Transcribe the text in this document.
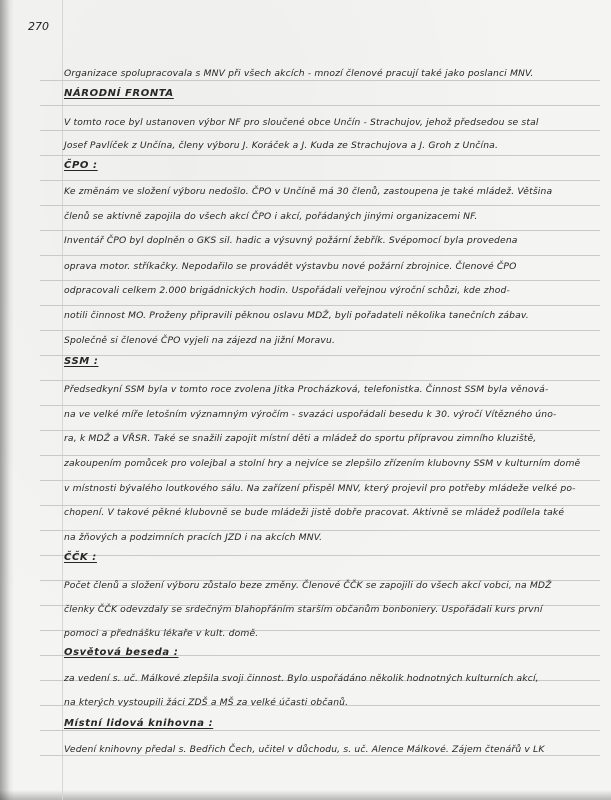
270
Organizace spolupracovala s MNV při všech akcích - mnozí členové pracují také jako poslanci MNV.
NÁRODNÍ FRONTA
V tomto roce byl ustanoven výbor NF pro sloučené obce Unčín - Strachujov, jehož předsedou se stal
Josef Pavlíček z Unčína, členy výboru J. Koráček a J. Kuda ze Strachujova a J. Groh z Unčína.
ČPO :
Ke změnám ve složení výboru nedošlo. ČPO v Unčíně má 30 členů, zastoupena je také mládež. Většina
členů se aktivně zapojila do všech akcí ČPO i akcí, pořádaných jinými organizacemi NF.
Inventář ČPO byl doplněn o GKS sil. hadic a výsuvný požární žebřík. Svépomocí byla provedena
oprava motor. stříkačky. Nepodařilo se provádět výstavbu nové požární zbrojnice. Členové ČPO
odpracovali celkem 2.000 brigádnických hodin. Uspořádali veřejnou výroční schůzi, kde zhod-
notili činnost MO. Proženy připravili pěknou oslavu MDŽ, byli pořadateli několika tanečních zábav.
Společně si členové ČPO vyjeli na zájezd na jižní Moravu.
SSM :
Předsedkyní SSM byla v tomto roce zvolena Jitka Procházková, telefonistka. Činnost SSM byla věnová-
na ve velké míře letošním významným výročím - svazáci uspořádali besedu k 30. výročí Vítězného úno-
ra, k MDŽ a VŘSR. Také se snažili zapojit místní děti a mládež do sportu přípravou zimního kluziště,
zakoupením pomůcek pro volejbal a stolní hry a nejvíce se zlepšilo zřízením klubovny SSM v kulturním domě
v místnosti bývalého loutkového sálu. Na zařízení přispěl MNV, který projevil pro potřeby mládeže velké po-
chopení. V takové pěkné klubovně se bude mládeži jistě dobře pracovat. Aktivně se mládež podílela také
na žňových a podzimních pracích JZD i na akcích MNV.
ČČK :
Počet členů a složení výboru zůstalo beze změny. Členové ČČK se zapojili do všech akcí vobci, na MDŽ
členky ČČK odevzdaly se srdečným blahopřáním starším občanům bonboniery. Uspořádali kurs první
pomoci a přednášku lékaře v kult. domě.
Osvětová beseda :
za vedení s. uč. Málkové zlepšila svoji činnost. Bylo uspořádáno několik hodnotných kulturních akcí,
na kterých vystoupili žáci ZDŠ a MŠ za velké účasti občanů.
Místní lidová knihovna :
Vedení knihovny předal s. Bedřich Čech, učitel v důchodu, s. uč. Alence Málkové. Zájem čtenářů v LK
